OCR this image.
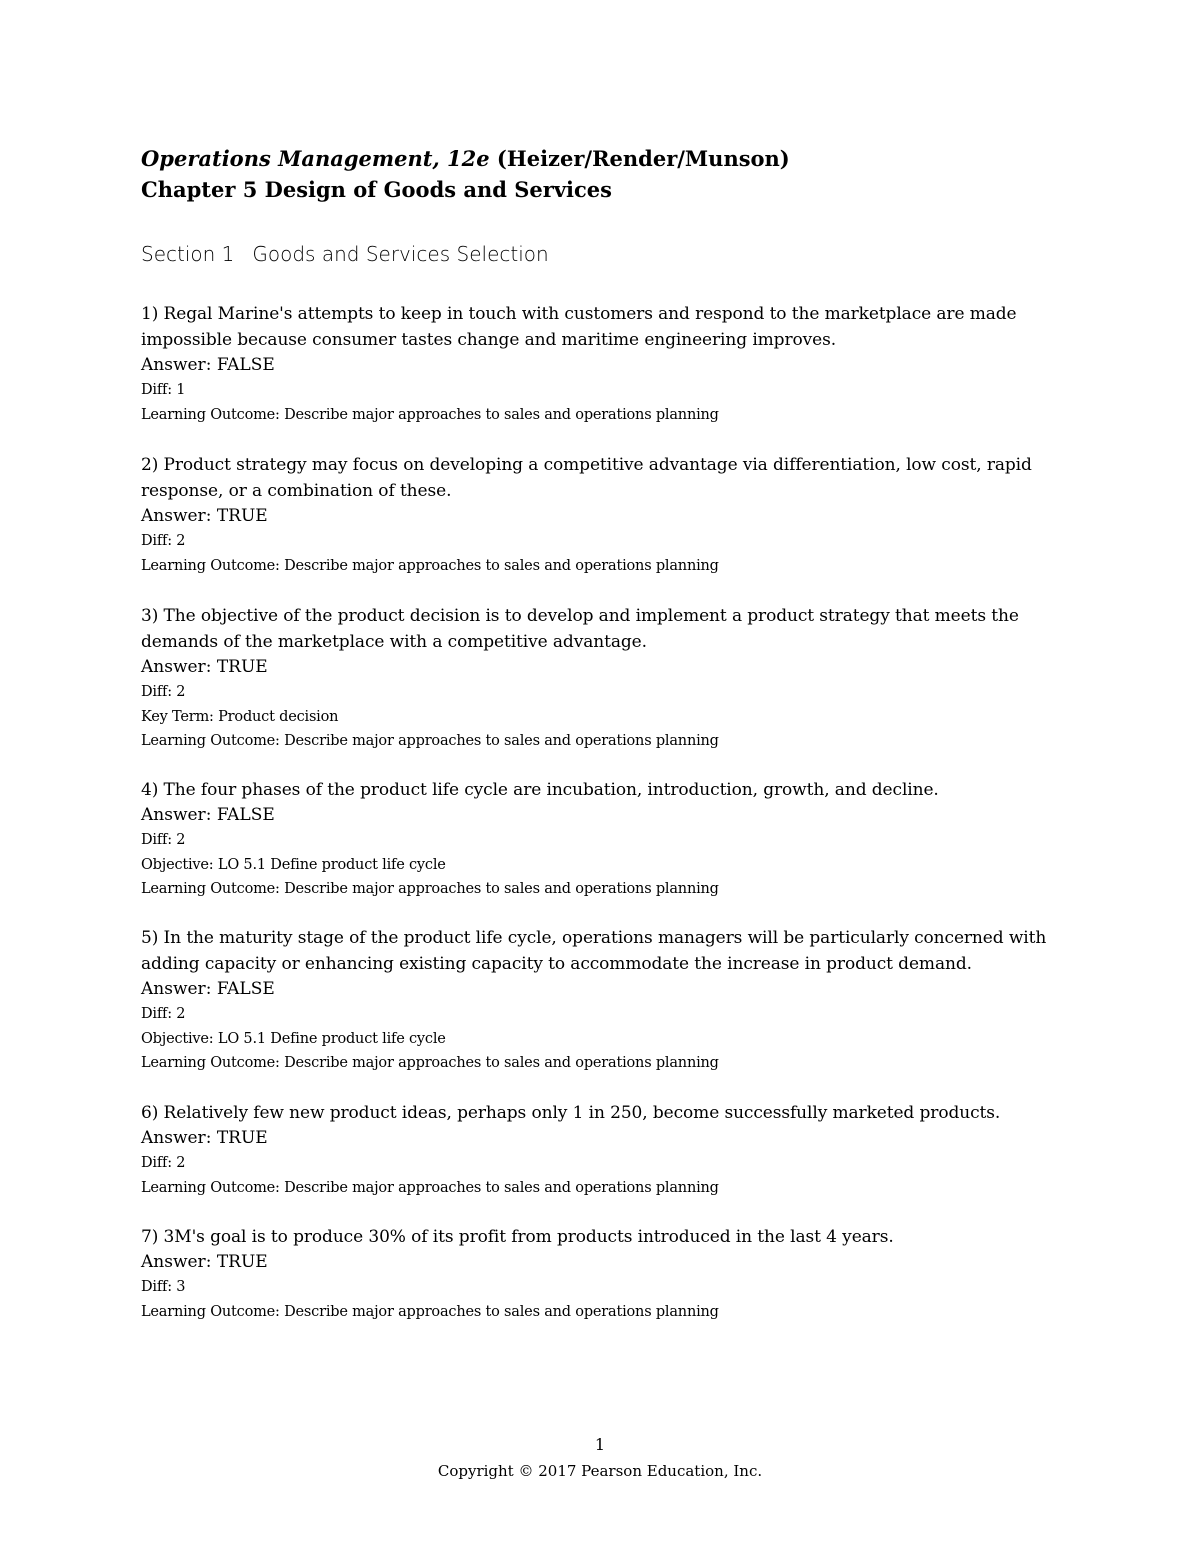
Operations Management, 12e (Heizer/Render/Munson)
Chapter 5 Design of Goods and Services
Section 1 Goods and Services Selection
1) Regal Marine's attempts to keep in touch with customers and respond to the marketplace are made impossible because consumer tastes change and maritime engineering improves.
Answer: FALSE
Diff: 1
Learning Outcome: Describe major approaches to sales and operations planning
2) Product strategy may focus on developing a competitive advantage via differentiation, low cost, rapid response, or a combination of these.
Answer: TRUE
Diff: 2
Learning Outcome: Describe major approaches to sales and operations planning
3) The objective of the product decision is to develop and implement a product strategy that meets the demands of the marketplace with a competitive advantage.
Answer: TRUE
Diff: 2
Key Term: Product decision
Learning Outcome: Describe major approaches to sales and operations planning
4) The four phases of the product life cycle are incubation, introduction, growth, and decline.
Answer: FALSE
Diff: 2
Objective: LO 5.1 Define product life cycle
Learning Outcome: Describe major approaches to sales and operations planning
5) In the maturity stage of the product life cycle, operations managers will be particularly concerned with adding capacity or enhancing existing capacity to accommodate the increase in product demand.
Answer: FALSE
Diff: 2
Objective: LO 5.1 Define product life cycle
Learning Outcome: Describe major approaches to sales and operations planning
6) Relatively few new product ideas, perhaps only 1 in 250, become successfully marketed products.
Answer: TRUE
Diff: 2
Learning Outcome: Describe major approaches to sales and operations planning
7) 3M's goal is to produce 30% of its profit from products introduced in the last 4 years.
Answer: TRUE
Diff: 3
Learning Outcome: Describe major approaches to sales and operations planning
1
Copyright © 2017 Pearson Education, Inc.
